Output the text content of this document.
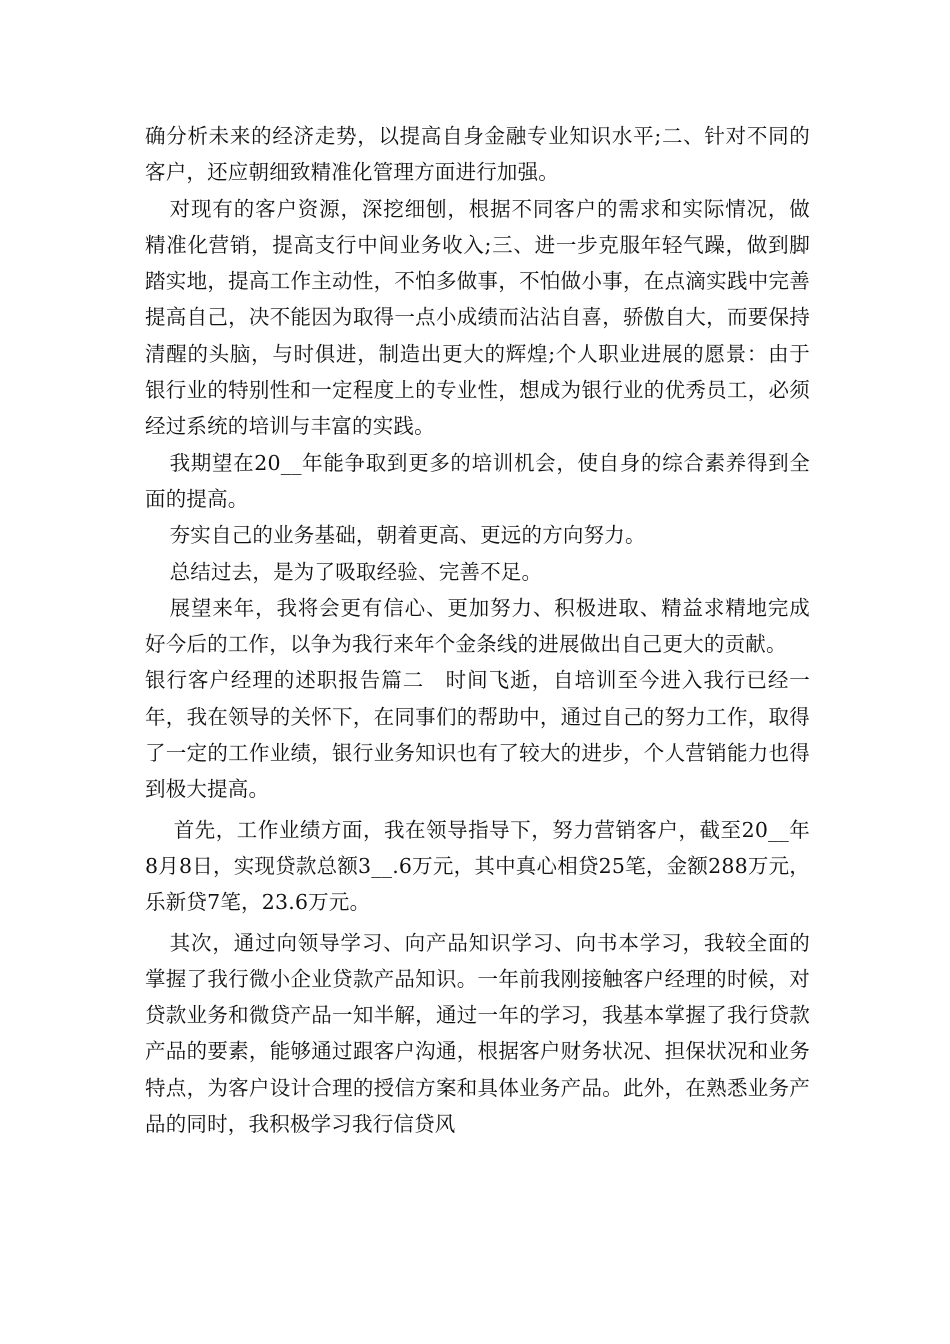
确分析未来的经济走势，以提高自身金融专业知识水平;二、针对不同的客户，还应朝细致精准化管理方面进行加强。

对现有的客户资源，深挖细刨，根据不同客户的需求和实际情况，做精准化营销，提高支行中间业务收入;三、进一步克服年轻气躁，做到脚踏实地，提高工作主动性，不怕多做事，不怕做小事，在点滴实践中完善提高自己，决不能因为取得一点小成绩而沾沾自喜，骄傲自大，而要保持清醒的头脑，与时俱进，制造出更大的辉煌;个人职业进展的愿景：由于银行业的特别性和一定程度上的专业性，想成为银行业的优秀员工，必须经过系统的培训与丰富的实践。

我期望在20__年能争取到更多的培训机会，使自身的综合素养得到全面的提高。

夯实自己的业务基础，朝着更高、更远的方向努力。

总结过去，是为了吸取经验、完善不足。

展望来年，我将会更有信心、更加努力、积极进取、精益求精地完成好今后的工作，以争为我行来年个金条线的进展做出自己更大的贡献。

银行客户经理的述职报告篇二　时间飞逝，自培训至今进入我行已经一年，我在领导的关怀下，在同事们的帮助中，通过自己的努力工作，取得了一定的工作业绩，银行业务知识也有了较大的进步，个人营销能力也得到极大提高。

首先，工作业绩方面，我在领导指导下，努力营销客户，截至20__年8月8日，实现贷款总额3__.6万元，其中真心相贷25笔，金额288万元，乐新贷7笔，23.6万元。

其次，通过向领导学习、向产品知识学习、向书本学习，我较全面的掌握了我行微小企业贷款产品知识。一年前我刚接触客户经理的时候，对贷款业务和微贷产品一知半解，通过一年的学习，我基本掌握了我行贷款产品的要素，能够通过跟客户沟通，根据客户财务状况、担保状况和业务特点，为客户设计合理的授信方案和具体业务产品。此外，在熟悉业务产品的同时，我积极学习我行信贷风
